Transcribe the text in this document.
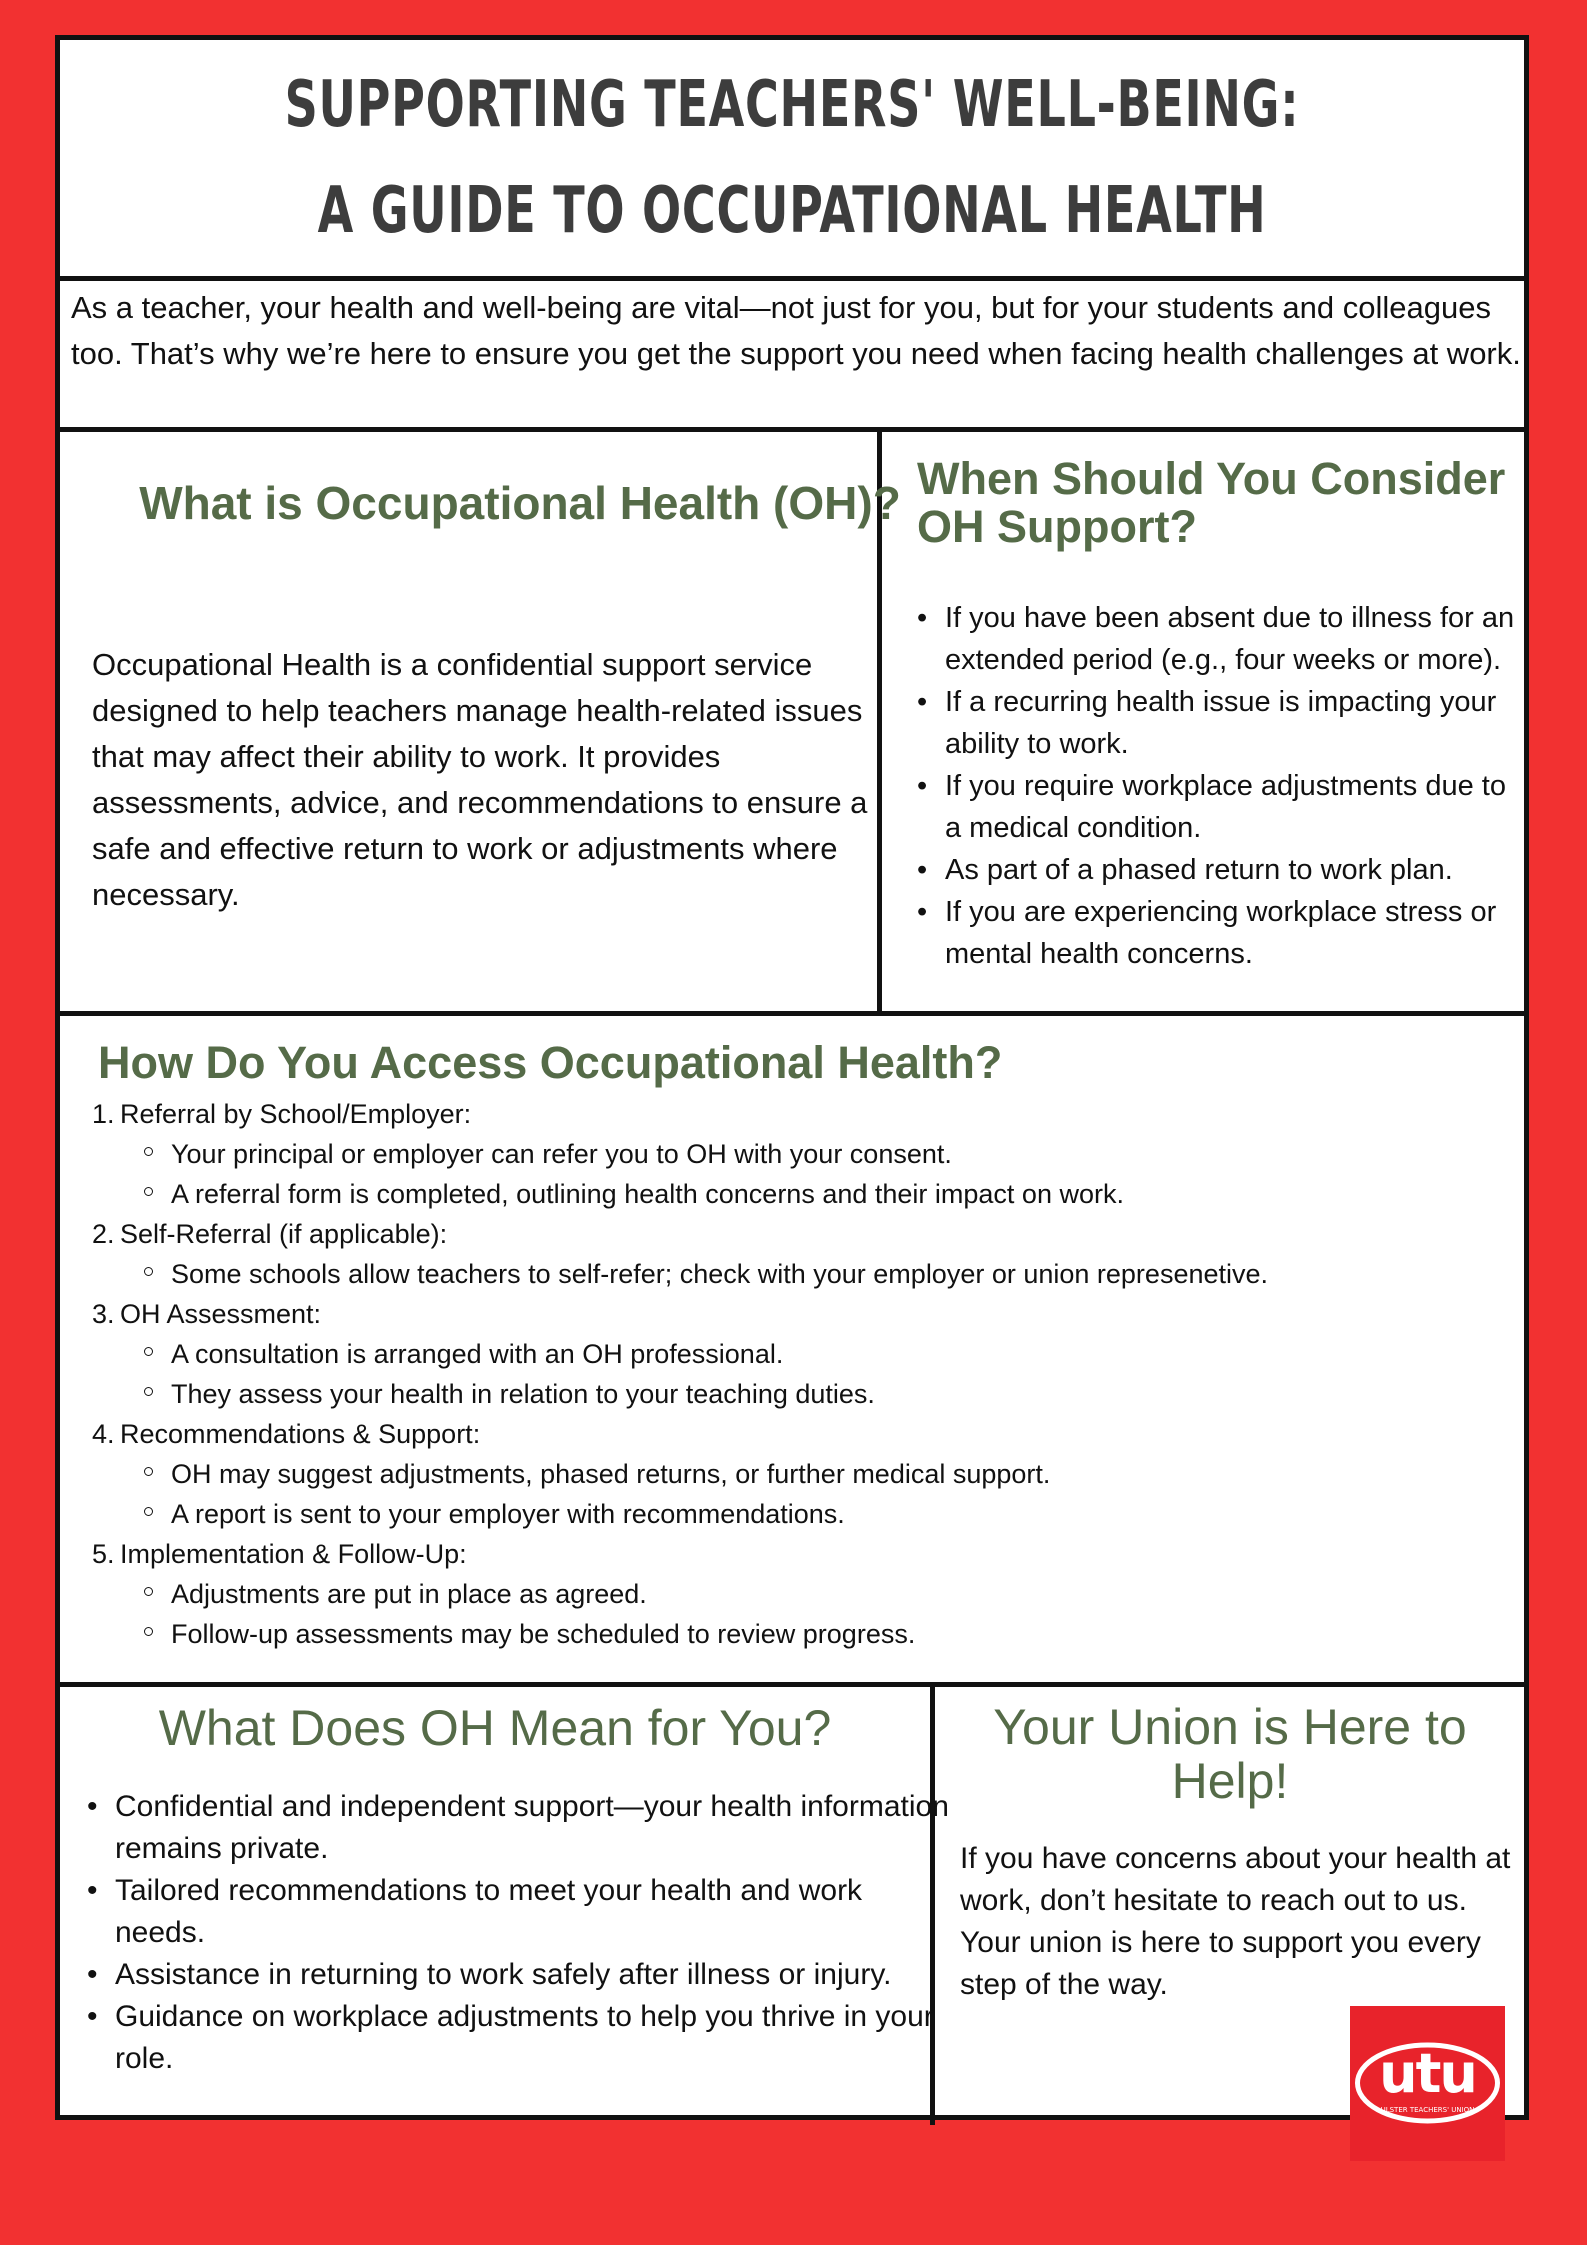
SUPPORTING TEACHERS' WELL-BEING: A GUIDE TO OCCUPATIONAL HEALTH
As a teacher, your health and well-being are vital—not just for you, but for your students and colleagues too. That’s why we’re here to ensure you get the support you need when facing health challenges at work.
What is Occupational Health (OH)?
Occupational Health is a confidential support service designed to help teachers manage health-related issues that may affect their ability to work. It provides assessments, advice, and recommendations to ensure a safe and effective return to work or adjustments where necessary.
When Should You Consider OH Support?
• If you have been absent due to illness for an extended period (e.g., four weeks or more).
• If a recurring health issue is impacting your ability to work.
• If you require workplace adjustments due to a medical condition.
• As part of a phased return to work plan.
• If you are experiencing workplace stress or mental health concerns.
How Do You Access Occupational Health?
1. Referral by School/Employer:
Your principal or employer can refer you to OH with your consent.
A referral form is completed, outlining health concerns and their impact on work.
2. Self-Referral (if applicable):
Some schools allow teachers to self-refer; check with your employer or union represenetive.
3. OH Assessment:
A consultation is arranged with an OH professional.
They assess your health in relation to your teaching duties.
4. Recommendations & Support:
OH may suggest adjustments, phased returns, or further medical support.
A report is sent to your employer with recommendations.
5. Implementation & Follow-Up:
Adjustments are put in place as agreed.
Follow-up assessments may be scheduled to review progress.
What Does OH Mean for You?
• Confidential and independent support—your health information remains private.
• Tailored recommendations to meet your health and work needs.
• Assistance in returning to work safely after illness or injury.
• Guidance on workplace adjustments to help you thrive in your role.
Your Union is Here to Help!
If you have concerns about your health at work, don’t hesitate to reach out to us. Your union is here to support you every step of the way.
utu
ULSTER TEACHERS' UNION
